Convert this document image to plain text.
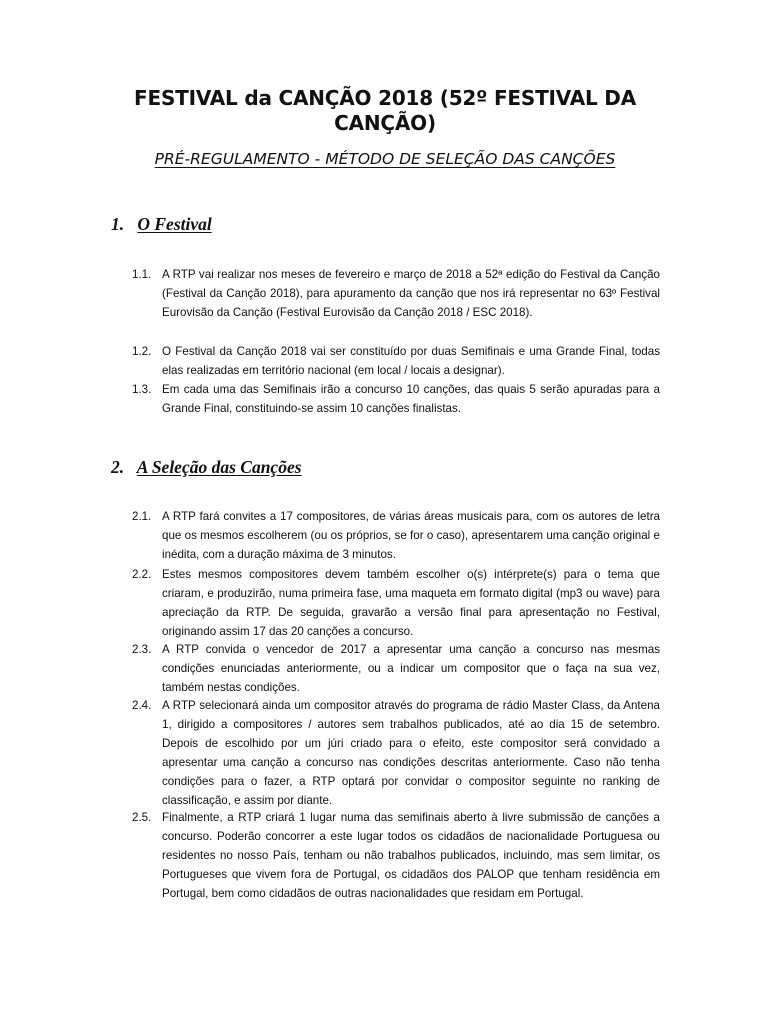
FESTIVAL da CANÇÃO 2018 (52º FESTIVAL DA CANÇÃO)
PRÉ-REGULAMENTO - MÉTODO DE SELEÇÃO DAS CANÇÕES
1. O Festival
1.1. A RTP vai realizar nos meses de fevereiro e março de 2018 a 52ª edição do Festival da Canção (Festival da Canção 2018), para apuramento da canção que nos irá representar no 63º Festival Eurovisão da Canção (Festival Eurovisão da Canção 2018 / ESC 2018).
1.2. O Festival da Canção 2018 vai ser constituído por duas Semifinais e uma Grande Final, todas elas realizadas em território nacional (em local / locais a designar).
1.3. Em cada uma das Semifinais irão a concurso 10 canções, das quais 5 serão apuradas para a Grande Final, constituindo-se assim 10 canções finalistas.
2. A Seleção das Canções
2.1. A RTP fará convites a 17 compositores, de várias áreas musicais para, com os autores de letra que os mesmos escolherem (ou os próprios, se for o caso), apresentarem uma canção original e inédita, com a duração máxima de 3 minutos.
2.2. Estes mesmos compositores devem também escolher o(s) intérprete(s) para o tema que criaram, e produzirão, numa primeira fase, uma maqueta em formato digital (mp3 ou wave) para apreciação da RTP. De seguida, gravarão a versão final para apresentação no Festival, originando assim 17 das 20 canções a concurso.
2.3. A RTP convida o vencedor de 2017 a apresentar uma canção a concurso nas mesmas condições enunciadas anteriormente, ou a indicar um compositor que o faça na sua vez, também nestas condições.
2.4. A RTP selecionará ainda um compositor através do programa de rádio Master Class, da Antena 1, dirigido a compositores / autores sem trabalhos publicados, até ao dia 15 de setembro. Depois de escolhido por um júri criado para o efeito, este compositor será convidado a apresentar uma canção a concurso nas condições descritas anteriormente. Caso não tenha condições para o fazer, a RTP optará por convidar o compositor seguinte no ranking de classificação, e assim por diante.
2.5. Finalmente, a RTP criará 1 lugar numa das semifinais aberto à livre submissão de canções a concurso. Poderão concorrer a este lugar todos os cidadãos de nacionalidade Portuguesa ou residentes no nosso País, tenham ou não trabalhos publicados, incluindo, mas sem limitar, os Portugueses que vivem fora de Portugal, os cidadãos dos PALOP que tenham residência em Portugal, bem como cidadãos de outras nacionalidades que residam em Portugal.
